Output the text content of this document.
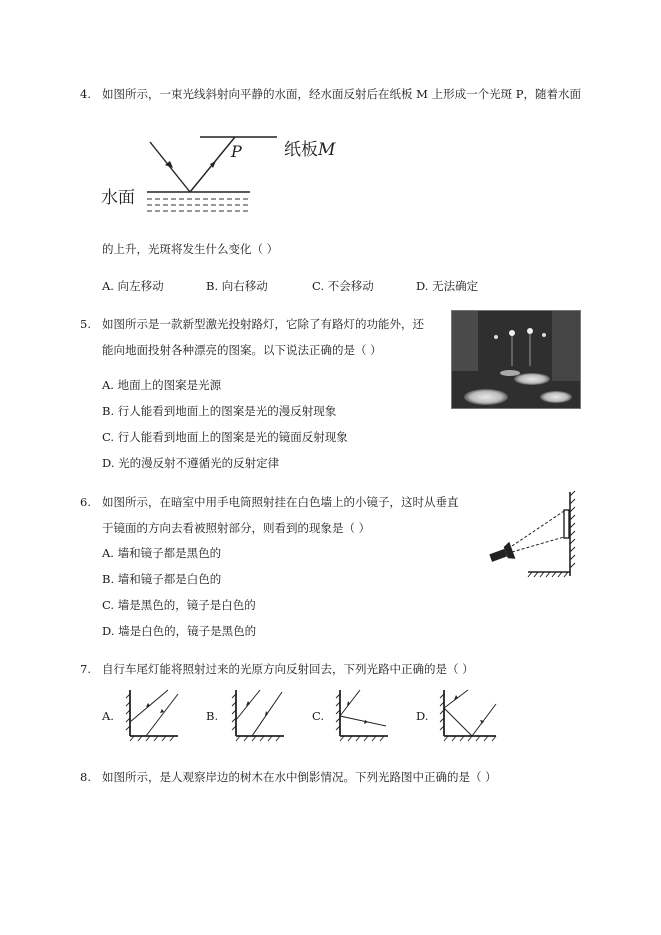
4. 如图所示，一束光线斜射向平静的水面，经水面反射后在纸板 M 上形成一个光斑 P，随着水面
水面
纸板M
P
的上升，光斑将发生什么变化（ ）
A. 向左移动	B. 向右移动	C. 不会移动	D. 无法确定
5. 如图所示是一款新型激光投射路灯，它除了有路灯的功能外，还
能向地面投射各种漂亮的图案。以下说法正确的是（ ）
A. 地面上的图案是光源
B. 行人能看到地面上的图案是光的漫反射现象
C. 行人能看到地面上的图案是光的镜面反射现象
D. 光的漫反射不遵循光的反射定律
6. 如图所示，在暗室中用手电筒照射挂在白色墙上的小镜子，这时从垂直
于镜面的方向去看被照射部分，则看到的现象是（ ）
A. 墙和镜子都是黑色的
B. 墙和镜子都是白色的
C. 墙是黑色的，镜子是白色的
D. 墙是白色的，镜子是黑色的
7. 自行车尾灯能将照射过来的光原方向反射回去，下列光路中正确的是（ ）
A.	B.	C.	D.
8. 如图所示，是人观察岸边的树木在水中倒影情况。下列光路图中正确的是（ ）
